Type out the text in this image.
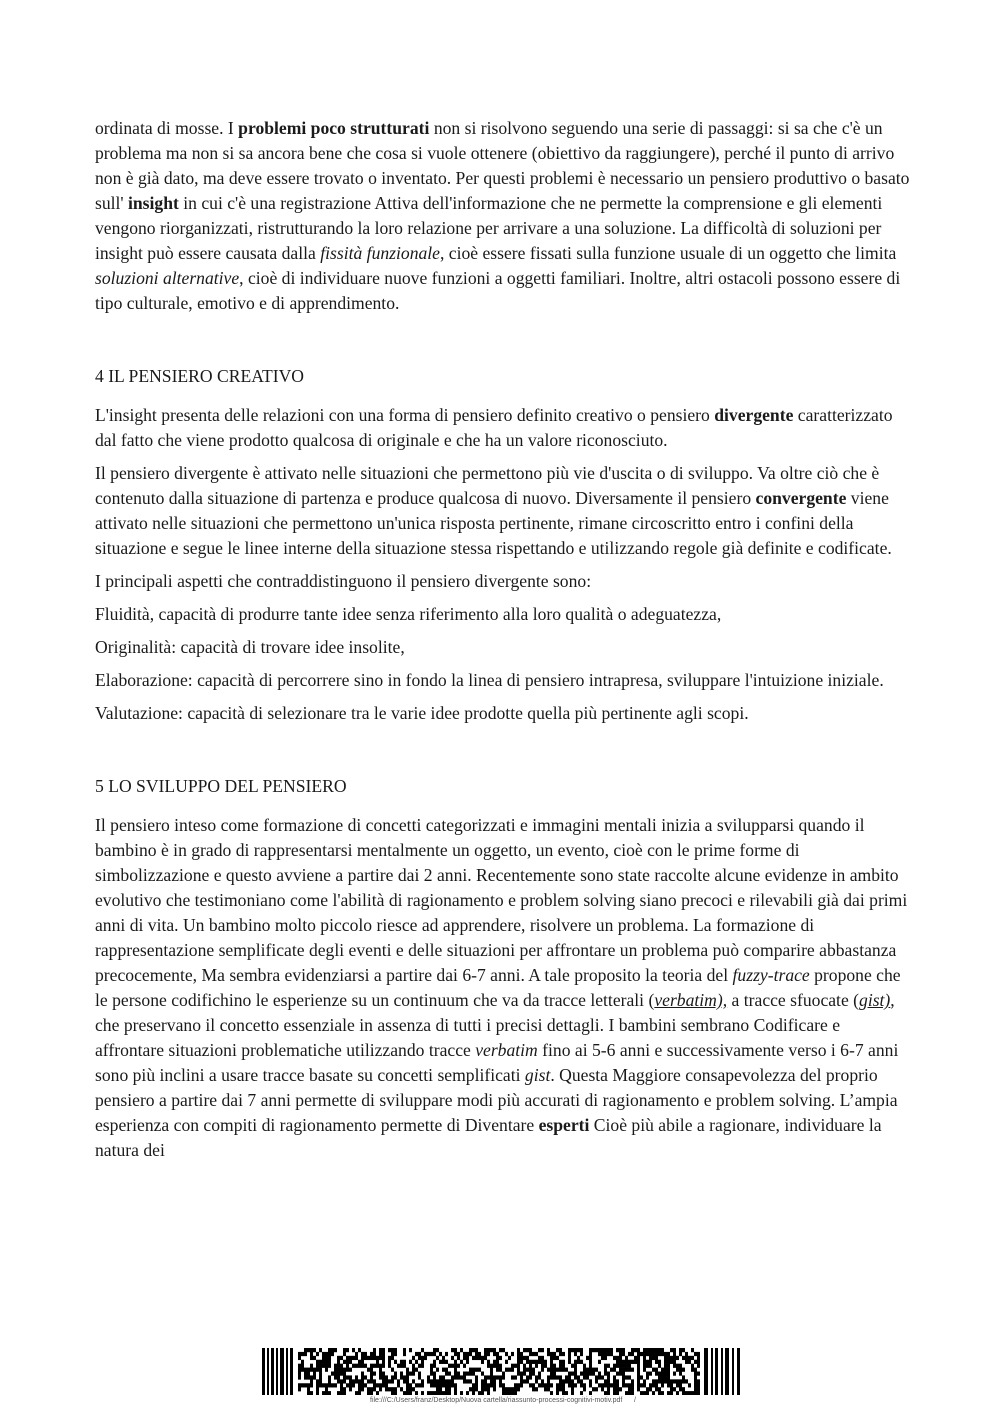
ordinata di mosse. I problemi poco strutturati non si risolvono seguendo una serie di passaggi: si sa che c'è un problema ma non si sa ancora bene che cosa si vuole ottenere (obiettivo da raggiungere), perché il punto di arrivo non è già dato, ma deve essere trovato o inventato. Per questi problemi è necessario un pensiero produttivo o basato sull' insight in cui c'è una registrazione Attiva dell'informazione che ne permette la comprensione e gli elementi vengono riorganizzati, ristrutturando la loro relazione per arrivare a una soluzione. La difficoltà di soluzioni per insight può essere causata dalla fissità funzionale, cioè essere fissati sulla funzione usuale di un oggetto che limita soluzioni alternative, cioè di individuare nuove funzioni a oggetti familiari. Inoltre, altri ostacoli possono essere di tipo culturale, emotivo e di apprendimento.

4 IL PENSIERO CREATIVO

L'insight presenta delle relazioni con una forma di pensiero definito creativo o pensiero divergente caratterizzato dal fatto che viene prodotto qualcosa di originale e che ha un valore riconosciuto.

Il pensiero divergente è attivato nelle situazioni che permettono più vie d'uscita o di sviluppo. Va oltre ciò che è contenuto dalla situazione di partenza e produce qualcosa di nuovo. Diversamente il pensiero convergente viene attivato nelle situazioni che permettono un'unica risposta pertinente, rimane circoscritto entro i confini della situazione e segue le linee interne della situazione stessa rispettando e utilizzando regole già definite e codificate.

I principali aspetti che contraddistinguono il pensiero divergente sono:

Fluidità, capacità di produrre tante idee senza riferimento alla loro qualità o adeguatezza,

Originalità: capacità di trovare idee insolite,

Elaborazione: capacità di percorrere sino in fondo la linea di pensiero intrapresa, sviluppare l'intuizione iniziale.

Valutazione: capacità di selezionare tra le varie idee prodotte quella più pertinente agli scopi.

5 LO SVILUPPO DEL PENSIERO

Il pensiero inteso come formazione di concetti categorizzati e immagini mentali inizia a svilupparsi quando il bambino è in grado di rappresentarsi mentalmente un oggetto, un evento, cioè con le prime forme di simbolizzazione e questo avviene a partire dai 2 anni. Recentemente sono state raccolte alcune evidenze in ambito evolutivo che testimoniano come l'abilità di ragionamento e problem solving siano precoci e rilevabili già dai primi anni di vita. Un bambino molto piccolo riesce ad apprendere, risolvere un problema. La formazione di rappresentazione semplificate degli eventi e delle situazioni per affrontare un problema può comparire abbastanza precocemente, Ma sembra evidenziarsi a partire dai 6-7 anni. A tale proposito la teoria del fuzzy-trace propone che le persone codifichino le esperienze su un continuum che va da tracce letterali (verbatim), a tracce sfuocate (gist), che preservano il concetto essenziale in assenza di tutti i precisi dettagli. I bambini sembrano Codificare e affrontare situazioni problematiche utilizzando tracce verbatim fino ai 5-6 anni e successivamente verso i 6-7 anni sono più inclini a usare tracce basate su concetti semplificati gist. Questa Maggiore consapevolezza del proprio pensiero a partire dai 7 anni permette di sviluppare modi più accurati di ragionamento e problem solving. L’ampia esperienza con compiti di ragionamento permette di Diventare esperti Cioè più abile a ragionare, individuare la natura dei

file:///C:/Users/franz/Desktop/Nuova cartella/riassunto-processi-cognitivi-motiv.pdf /
